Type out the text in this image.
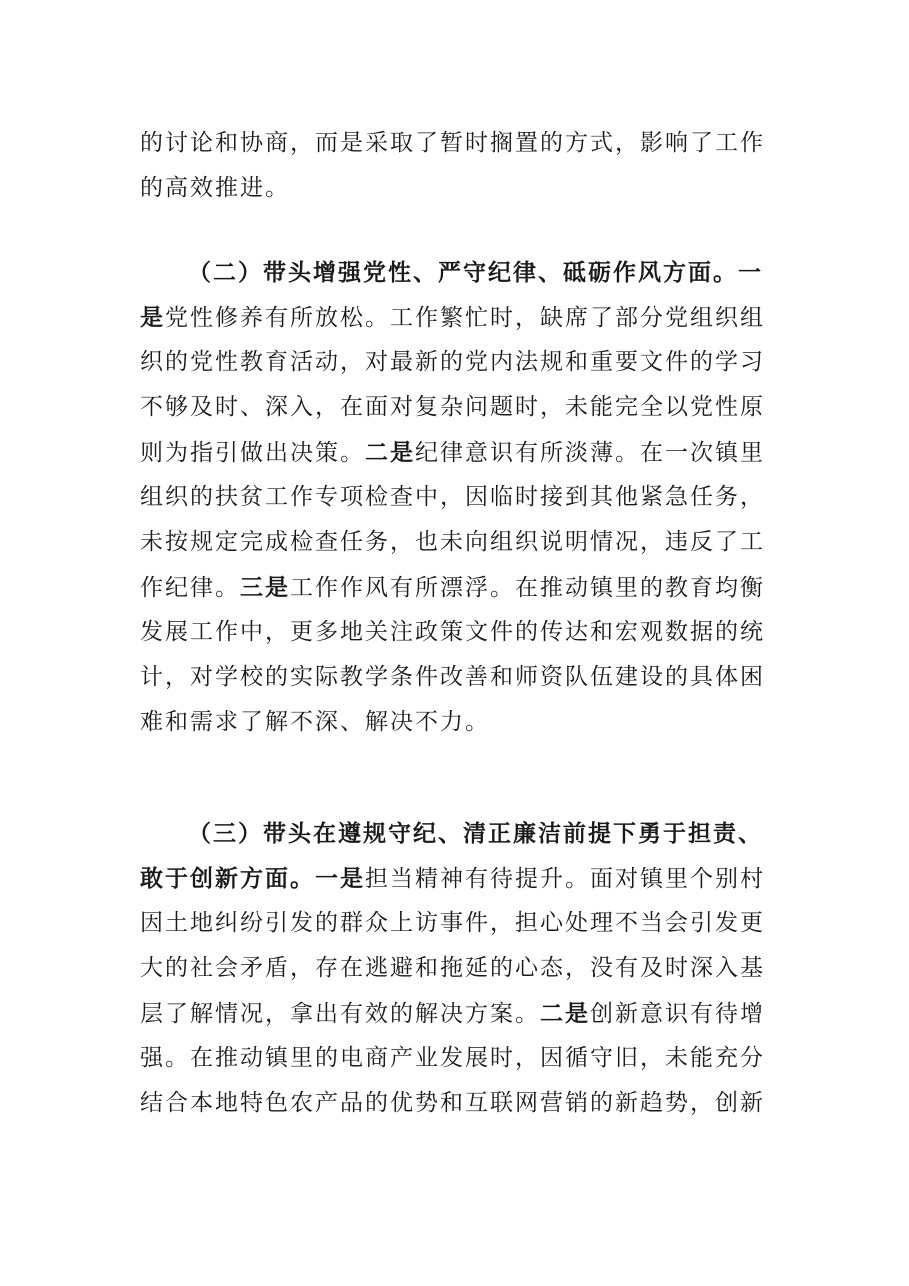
的讨论和协商，而是采取了暂时搁置的方式，影响了工作
的高效推进。
（二）带头增强党性、严守纪律、砥砺作风方面。一
是党性修养有所放松。工作繁忙时，缺席了部分党组织组
织的党性教育活动，对最新的党内法规和重要文件的学习
不够及时、深入，在面对复杂问题时，未能完全以党性原
则为指引做出决策。二是纪律意识有所淡薄。在一次镇里
组织的扶贫工作专项检查中，因临时接到其他紧急任务，
未按规定完成检查任务，也未向组织说明情况，违反了工
作纪律。三是工作作风有所漂浮。在推动镇里的教育均衡
发展工作中，更多地关注政策文件的传达和宏观数据的统
计，对学校的实际教学条件改善和师资队伍建设的具体困
难和需求了解不深、解决不力。
（三）带头在遵规守纪、清正廉洁前提下勇于担责、
敢于创新方面。一是担当精神有待提升。面对镇里个别村
因土地纠纷引发的群众上访事件，担心处理不当会引发更
大的社会矛盾，存在逃避和拖延的心态，没有及时深入基
层了解情况，拿出有效的解决方案。二是创新意识有待增
强。在推动镇里的电商产业发展时，因循守旧，未能充分
结合本地特色农产品的优势和互联网营销的新趋势，创新
